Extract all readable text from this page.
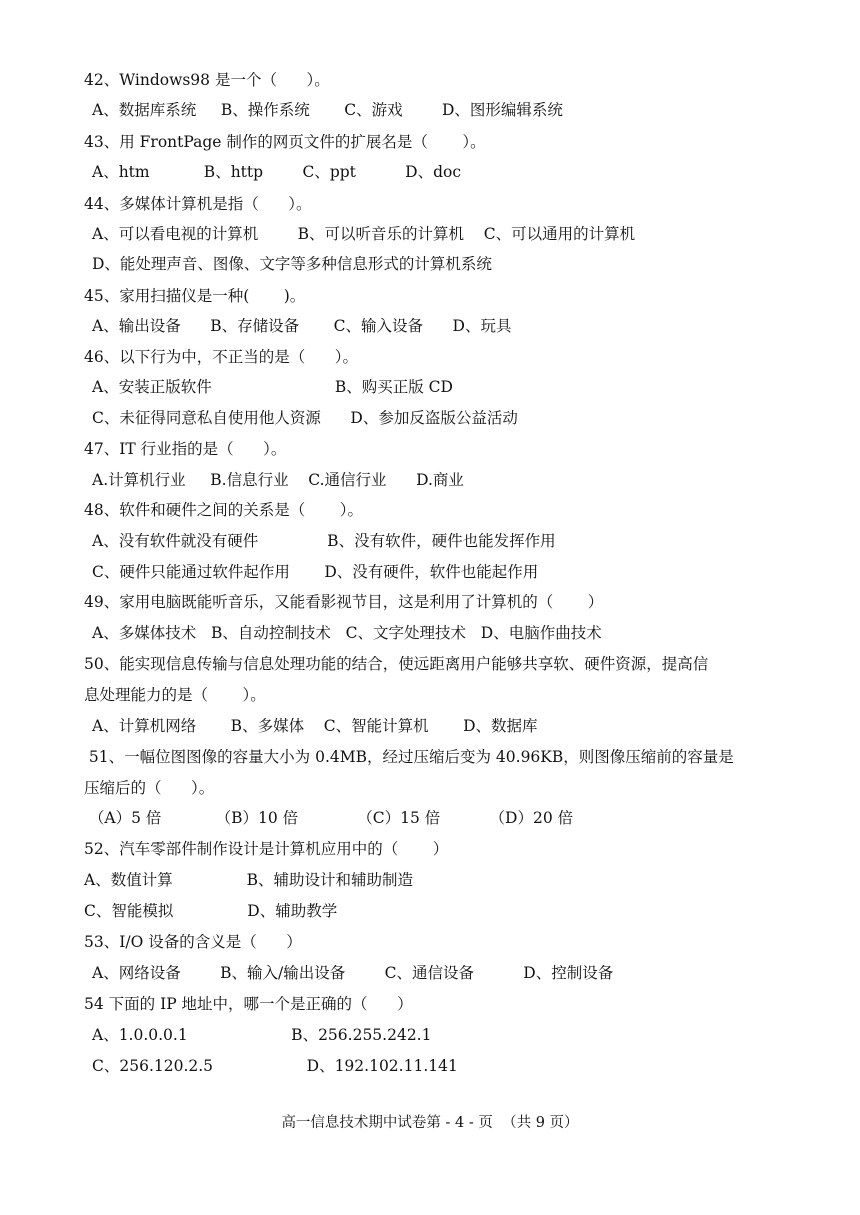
42、Windows98 是一个（      ）。
A、数据库系统     B、操作系统       C、游戏        D、图形编辑系统
43、用 FrontPage 制作的网页文件的扩展名是（       ）。
A、htm           B、http        C、ppt          D、doc
44、多媒体计算机是指（      ）。
A、可以看电视的计算机        B、可以听音乐的计算机    C、可以通用的计算机
D、能处理声音、图像、文字等多种信息形式的计算机系统
45、家用扫描仪是一种(       )。
A、输出设备      B、存储设备       C、输入设备      D、玩具
46、以下行为中，不正当的是（      ）。
A、安装正版软件                         B、购买正版 CD
C、未征得同意私自使用他人资源      D、参加反盗版公益活动
47、IT 行业指的是（      ）。
A.计算机行业     B.信息行业    C.通信行业      D.商业
48、软件和硬件之间的关系是（       ）。
A、没有软件就没有硬件              B、没有软件，硬件也能发挥作用
C、硬件只能通过软件起作用       D、没有硬件，软件也能起作用
49、家用电脑既能听音乐，又能看影视节目，这是利用了计算机的（       ）
A、多媒体技术   B、自动控制技术   C、文字处理技术   D、电脑作曲技术
50、能实现信息传输与信息处理功能的结合，使远距离用户能够共享软、硬件资源，提高信
息处理能力的是（       ）。
A、计算机网络       B、多媒体    C、智能计算机       D、数据库
51、一幅位图图像的容量大小为 0.4MB，经过压缩后变为 40.96KB，则图像压缩前的容量是
压缩后的（      ）。
（A）5 倍           （B）10 倍            （C）15 倍          （D）20 倍
52、汽车零部件制作设计是计算机应用中的（       ）
A、数值计算               B、辅助设计和辅助制造
C、智能模拟               D、辅助教学
53、I/O 设备的含义是（      ）
A、网络设备        B、输入/输出设备        C、通信设备          D、控制设备
54 下面的 IP 地址中，哪一个是正确的（      ）
A、1.0.0.0.1                     B、256.255.242.1
C、256.120.2.5                   D、192.102.11.141
高一信息技术期中试卷第 - 4 - 页  （共 9 页）
